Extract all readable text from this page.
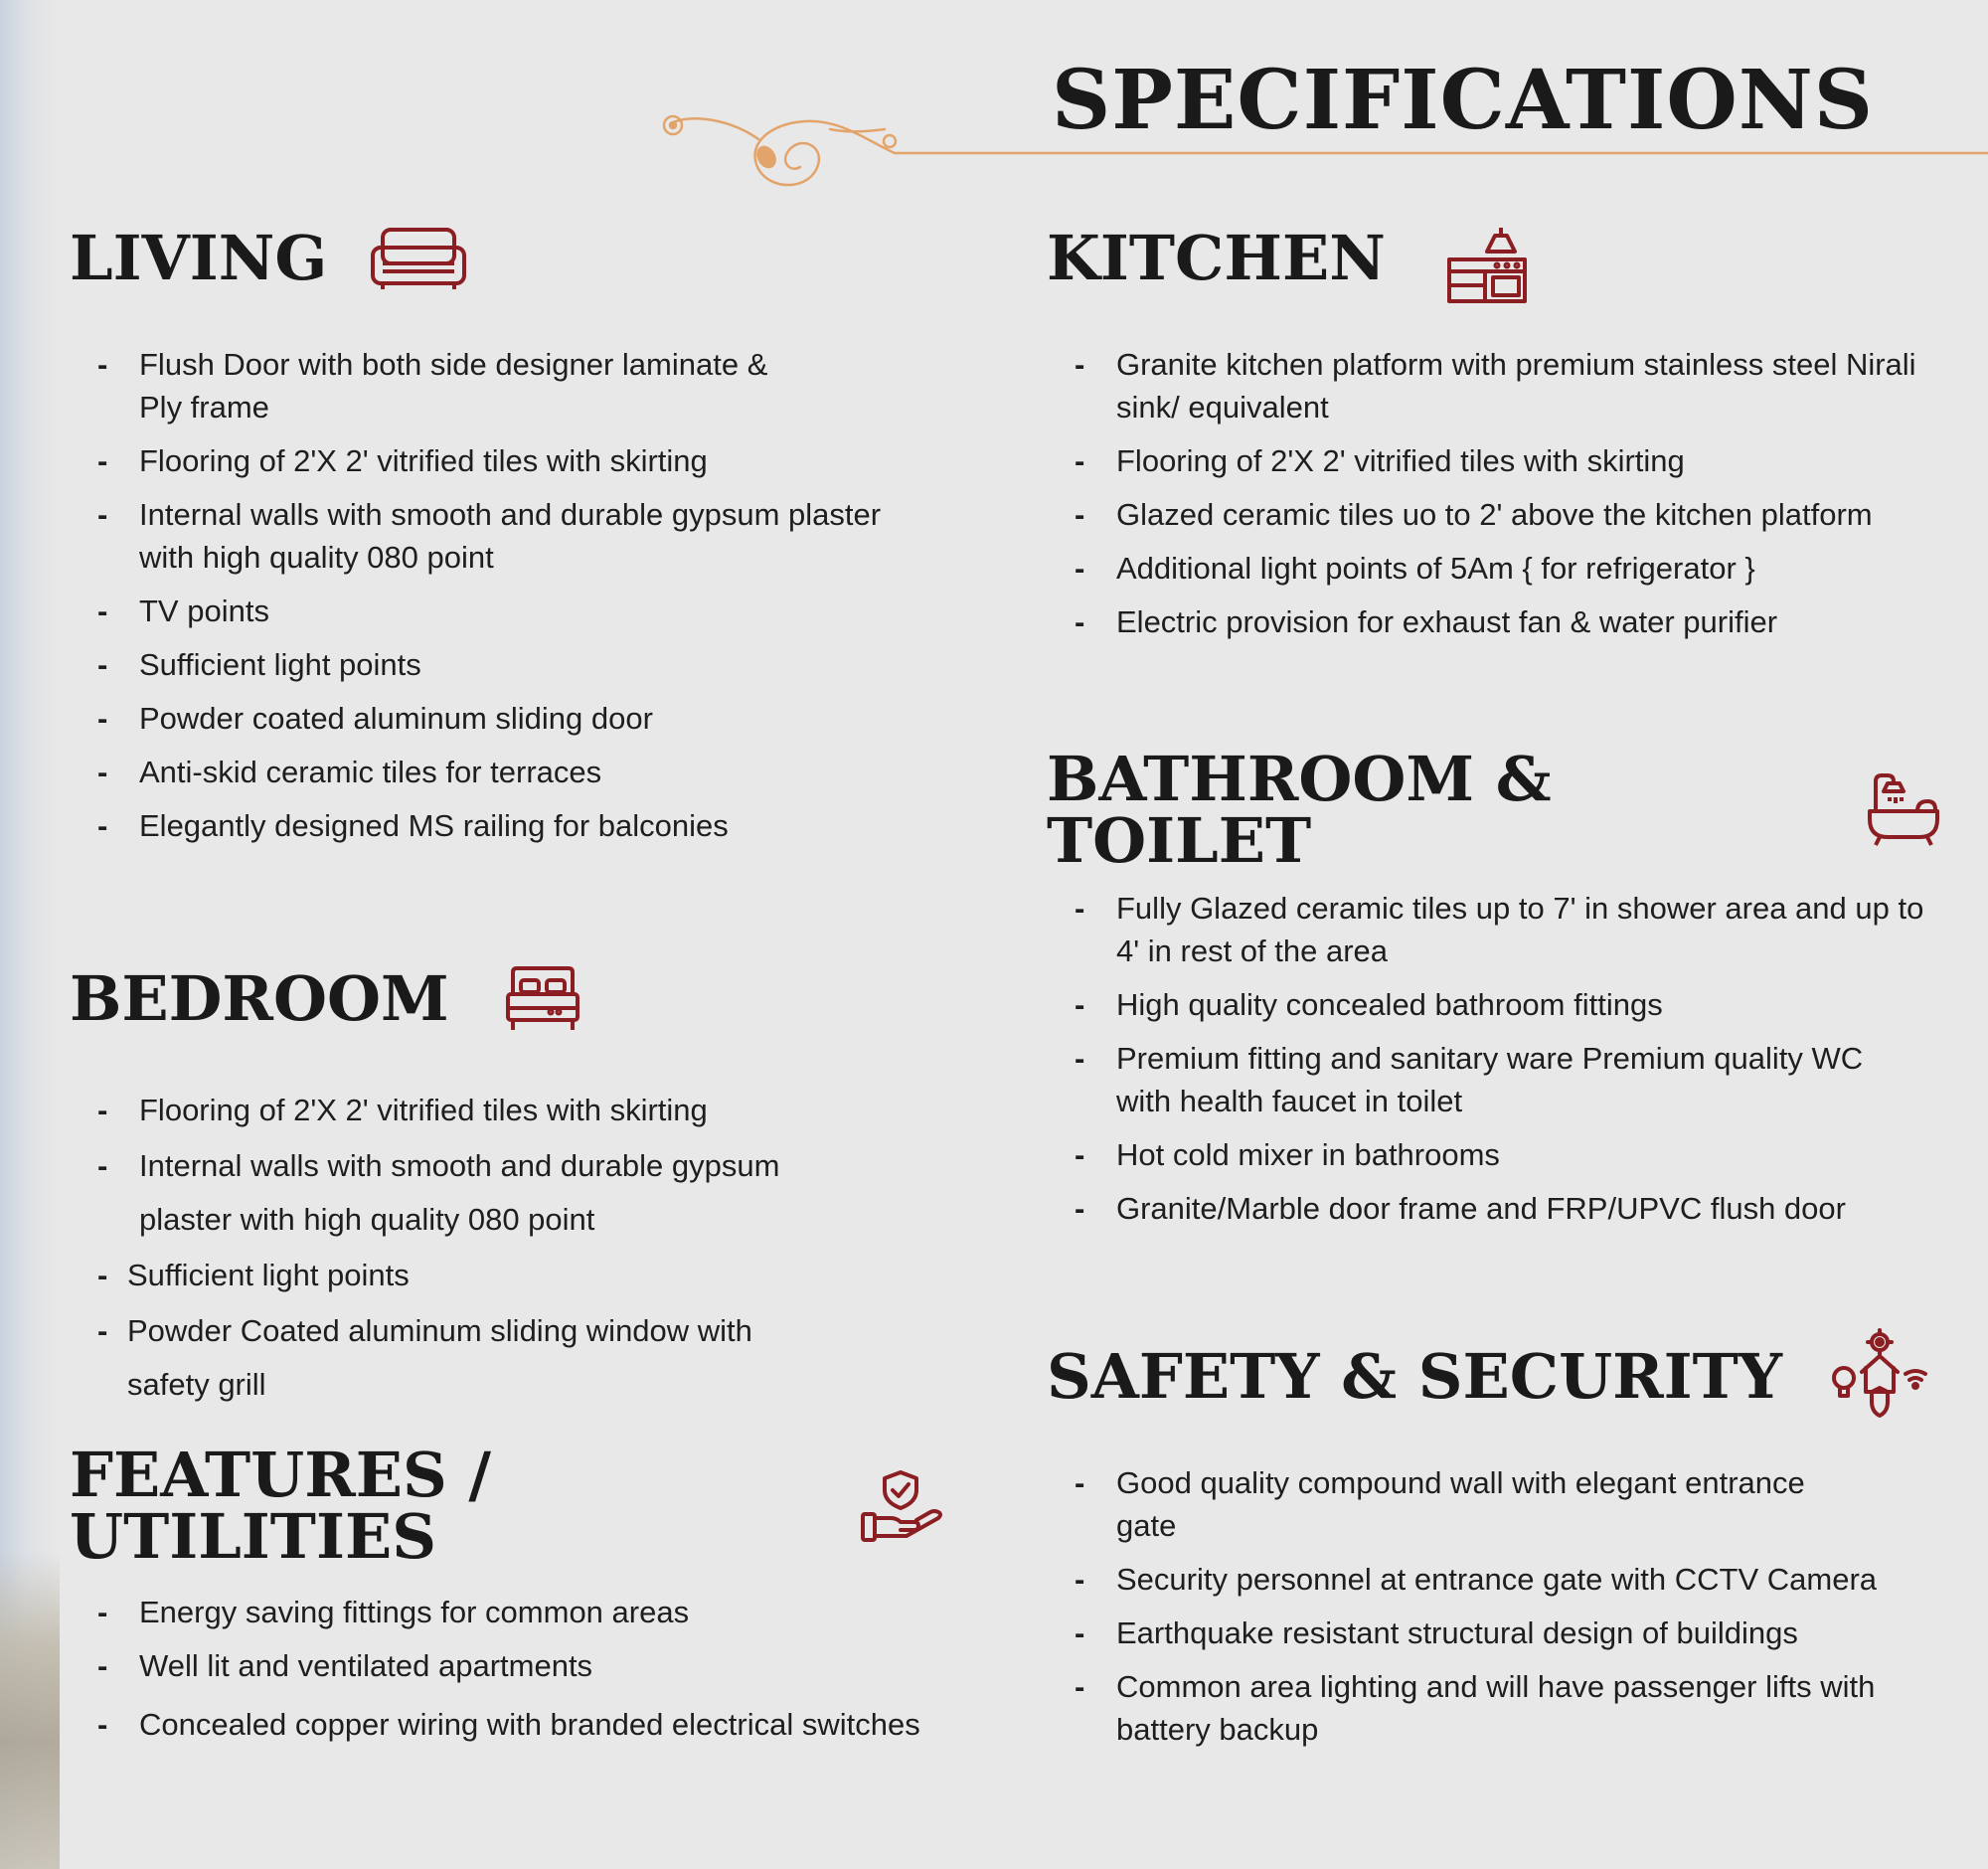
SPECIFICATIONS
LIVING
- Flush Door with both side designer laminate & Ply frame
- Flooring of 2'X 2' vitrified tiles with skirting
- Internal walls with smooth and durable gypsum plaster with high quality 080 point
- TV points
- Sufficient light points
- Powder coated aluminum sliding door
- Anti-skid ceramic tiles for terraces
- Elegantly designed MS railing for balconies
KITCHEN
- Granite kitchen platform with premium stainless steel Nirali sink/ equivalent
- Flooring of 2'X 2' vitrified tiles with skirting
- Glazed ceramic tiles uo to 2' above the kitchen platform
- Additional light points of 5Am { for refrigerator }
- Electric provision for exhaust fan & water purifier
BEDROOM
- Flooring of 2'X 2' vitrified tiles with skirting
- Internal walls with smooth and durable gypsum plaster with high quality 080 point
- Sufficient light points
- Powder Coated aluminum sliding window with safety grill
BATHROOM & TOILET
- Fully Glazed ceramic tiles up to 7' in shower area and up to 4' in rest of the area
- High quality concealed bathroom fittings
- Premium fitting and sanitary ware Premium quality WC with health faucet in toilet
- Hot cold mixer in bathrooms
- Granite/Marble door frame and FRP/UPVC flush door
FEATURES / UTILITIES
- Energy saving fittings for common areas
- Well lit and ventilated apartments
- Concealed copper wiring with branded electrical switches
SAFETY & SECURITY
- Good quality compound wall with elegant entrance gate
- Security personnel at entrance gate with CCTV Camera
- Earthquake resistant structural design of buildings
- Common area lighting and will have passenger lifts with battery backup
